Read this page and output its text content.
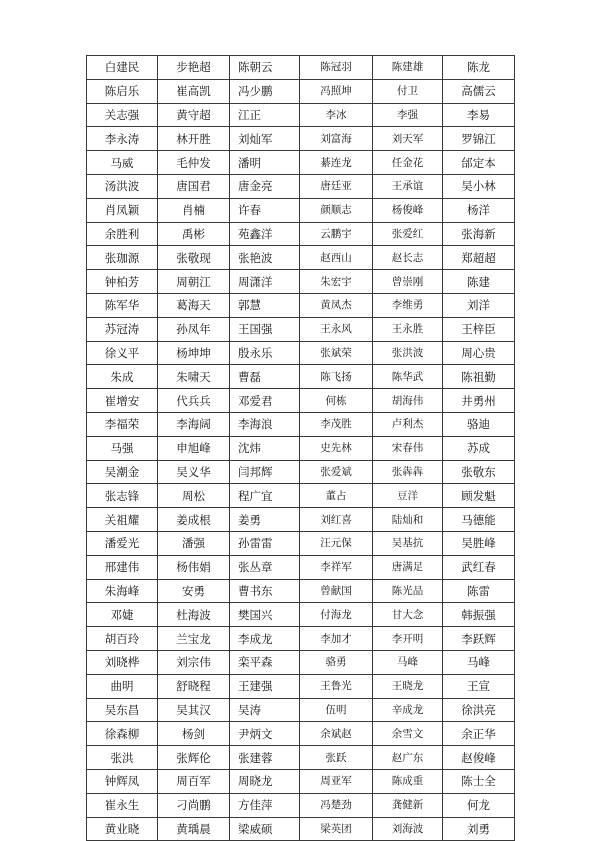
白建民	步艳超	陈朝云	陈冠羽	陈建雄	陈龙
陈启乐	崔高凯	冯少鹏	冯照坤	付卫	高儒云
关志强	黄守超	江正	李冰	李强	李易
李永涛	林开胜	刘灿军	刘富海	刘天军	罗锦江
马威	毛仲发	潘明	綦连龙	任金花	邰定本
汤洪波	唐国君	唐金亮	唐廷亚	王承谊	吴小林
肖凤颖	肖楠	许春	颜顺志	杨俊峰	杨洋
余胜利	禹彬	苑鑫洋	云鹏宇	张爱红	张海新
张珈源	张敬现	张艳波	赵西山	赵长志	郑超超
钟柏芳	周朝江	周潇洋	朱宏宇	曾崇刚	陈建
陈军华	葛海天	郭慧	黄凤杰	李维勇	刘洋
苏冠涛	孙凤年	王国强	王永风	王永胜	王梓臣
徐义平	杨坤坤	殷永乐	张斌荣	张洪波	周心贵
朱成	朱啸天	曹磊	陈飞扬	陈华武	陈祖勤
崔增安	代兵兵	邓爱君	何栋	胡海伟	井勇州
李福荣	李海阔	李海浪	李茂胜	卢利杰	骆迪
马强	申旭峰	沈炜	史先林	宋春伟	苏成
吴潮金	吴义华	闫邦辉	张爱斌	张犇犇	张敬东
张志锋	周松	程广宜	董占	豆洋	顾发魁
关祖耀	姜成根	姜勇	刘红喜	陆灿和	马德能
潘爱光	潘强	孙雷雷	汪元保	吴基抗	吴胜峰
邢建伟	杨伟娟	张丛章	李祥军	唐满足	武红春
朱海峰	安勇	曹书东	曾献国	陈光品	陈雷
邓婕	杜海波	樊国兴	付海龙	甘大念	韩振强
胡百玲	兰宝龙	李成龙	李加才	李开明	李跃辉
刘晓桦	刘宗伟	栾平森	骆勇	马峰	马峰
曲明	舒晓程	王建强	王鲁光	王晓龙	王宣
吴东昌	吴其汉	吴涛	伍明	辛成龙	徐洪亮
徐森柳	杨剑	尹炳文	余斌赵	余雪文	余正华
张洪	张辉伦	张建蓉	张跃	赵广东	赵俊峰
钟辉凤	周百军	周晓龙	周亚军	陈成重	陈士全
崔永生	刁尚鹏	方佳萍	冯楚劲	龚健新	何龙
黄业晓	黄瑀晨	梁威硕	梁英团	刘海波	刘勇
